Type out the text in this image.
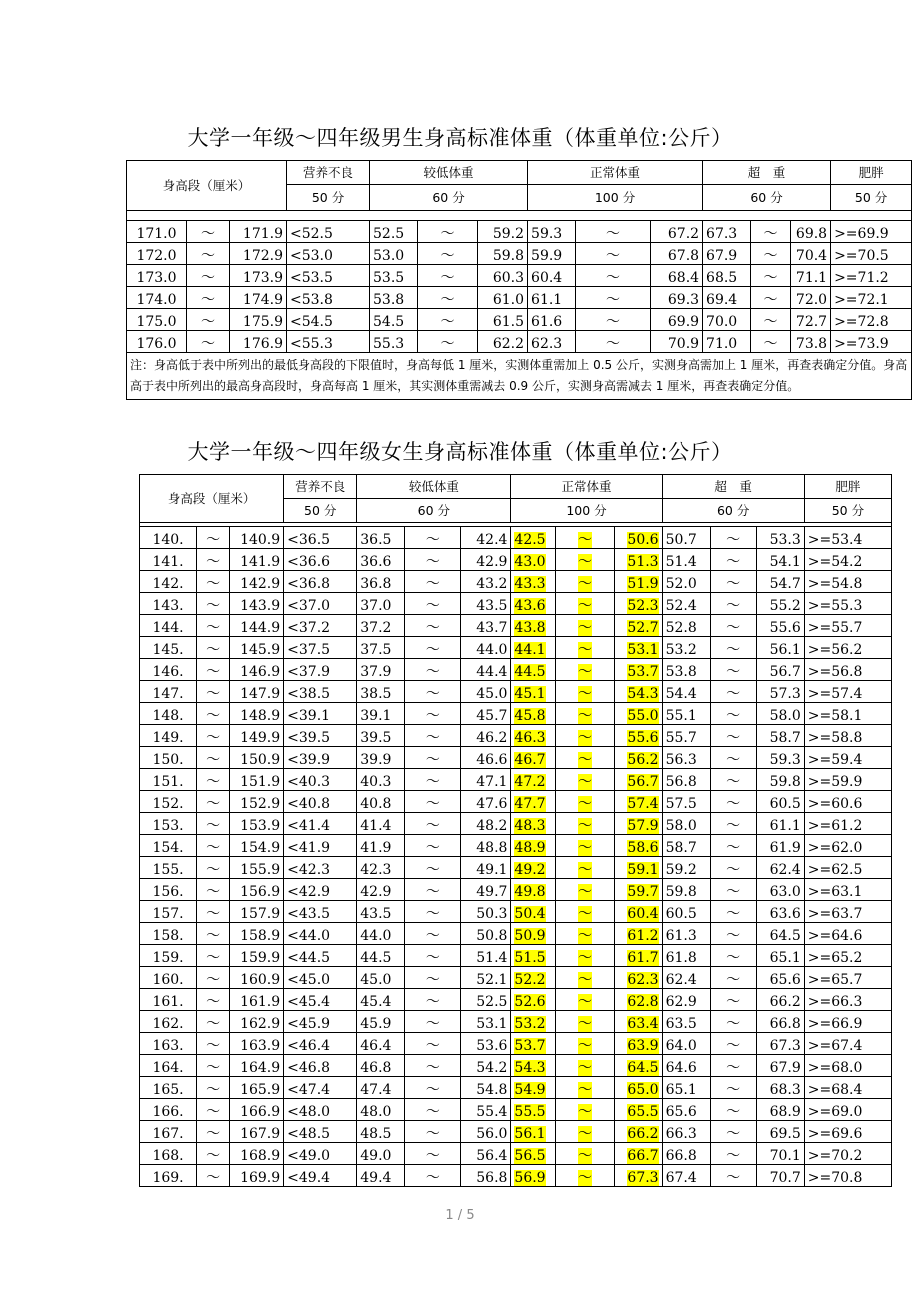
大学一年级～四年级男生身高标准体重（体重单位:公斤）
身高段（厘米）			营养不良	较低体重			正常体重			超　重			肥胖
			50 分	60 分			100 分			60 分			50 分

171.0	～	171.9	<52.5	52.5	～	59.2	59.3	～	67.2	67.3	～	69.8	>=69.9
172.0	～	172.9	<53.0	53.0	～	59.8	59.9	～	67.8	67.9	～	70.4	>=70.5
173.0	～	173.9	<53.5	53.5	～	60.3	60.4	～	68.4	68.5	～	71.1	>=71.2
174.0	～	174.9	<53.8	53.8	～	61.0	61.1	～	69.3	69.4	～	72.0	>=72.1
175.0	～	175.9	<54.5	54.5	～	61.5	61.6	～	69.9	70.0	～	72.7	>=72.8
176.0	～	176.9	<55.3	55.3	～	62.2	62.3	～	70.9	71.0	～	73.8	>=73.9
注：身高低于表中所列出的最低身高段的下限值时，身高每低 1 厘米，实测体重需加上 0.5 公斤，实测身高需加上 1 厘米，再查表确定分值。身高高于表中所列出的最高身高段时，身高每高 1 厘米，其实测体重需减去 0.9 公斤，实测身高需减去 1 厘米，再查表确定分值。													
大学一年级～四年级女生身高标准体重（体重单位:公斤）
身高段（厘米）			营养不良	较低体重			正常体重			超　重			肥胖
			50 分	60 分			100 分			60 分			50 分

140.	～	140.9	<36.5	36.5	～	42.4	42.5	～	50.6	50.7	～	53.3	>=53.4
141.	～	141.9	<36.6	36.6	～	42.9	43.0	～	51.3	51.4	～	54.1	>=54.2
142.	～	142.9	<36.8	36.8	～	43.2	43.3	～	51.9	52.0	～	54.7	>=54.8
143.	～	143.9	<37.0	37.0	～	43.5	43.6	～	52.3	52.4	～	55.2	>=55.3
144.	～	144.9	<37.2	37.2	～	43.7	43.8	～	52.7	52.8	～	55.6	>=55.7
145.	～	145.9	<37.5	37.5	～	44.0	44.1	～	53.1	53.2	～	56.1	>=56.2
146.	～	146.9	<37.9	37.9	～	44.4	44.5	～	53.7	53.8	～	56.7	>=56.8
147.	～	147.9	<38.5	38.5	～	45.0	45.1	～	54.3	54.4	～	57.3	>=57.4
148.	～	148.9	<39.1	39.1	～	45.7	45.8	～	55.0	55.1	～	58.0	>=58.1
149.	～	149.9	<39.5	39.5	～	46.2	46.3	～	55.6	55.7	～	58.7	>=58.8
150.	～	150.9	<39.9	39.9	～	46.6	46.7	～	56.2	56.3	～	59.3	>=59.4
151.	～	151.9	<40.3	40.3	～	47.1	47.2	～	56.7	56.8	～	59.8	>=59.9
152.	～	152.9	<40.8	40.8	～	47.6	47.7	～	57.4	57.5	～	60.5	>=60.6
153.	～	153.9	<41.4	41.4	～	48.2	48.3	～	57.9	58.0	～	61.1	>=61.2
154.	～	154.9	<41.9	41.9	～	48.8	48.9	～	58.6	58.7	～	61.9	>=62.0
155.	～	155.9	<42.3	42.3	～	49.1	49.2	～	59.1	59.2	～	62.4	>=62.5
156.	～	156.9	<42.9	42.9	～	49.7	49.8	～	59.7	59.8	～	63.0	>=63.1
157.	～	157.9	<43.5	43.5	～	50.3	50.4	～	60.4	60.5	～	63.6	>=63.7
158.	～	158.9	<44.0	44.0	～	50.8	50.9	～	61.2	61.3	～	64.5	>=64.6
159.	～	159.9	<44.5	44.5	～	51.4	51.5	～	61.7	61.8	～	65.1	>=65.2
160.	～	160.9	<45.0	45.0	～	52.1	52.2	～	62.3	62.4	～	65.6	>=65.7
161.	～	161.9	<45.4	45.4	～	52.5	52.6	～	62.8	62.9	～	66.2	>=66.3
162.	～	162.9	<45.9	45.9	～	53.1	53.2	～	63.4	63.5	～	66.8	>=66.9
163.	～	163.9	<46.4	46.4	～	53.6	53.7	～	63.9	64.0	～	67.3	>=67.4
164.	～	164.9	<46.8	46.8	～	54.2	54.3	～	64.5	64.6	～	67.9	>=68.0
165.	～	165.9	<47.4	47.4	～	54.8	54.9	～	65.0	65.1	～	68.3	>=68.4
166.	～	166.9	<48.0	48.0	～	55.4	55.5	～	65.5	65.6	～	68.9	>=69.0
167.	～	167.9	<48.5	48.5	～	56.0	56.1	～	66.2	66.3	～	69.5	>=69.6
168.	～	168.9	<49.0	49.0	～	56.4	56.5	～	66.7	66.8	～	70.1	>=70.2
169.	～	169.9	<49.4	49.4	～	56.8	56.9	～	67.3	67.4	～	70.7	>=70.8
1 / 5
